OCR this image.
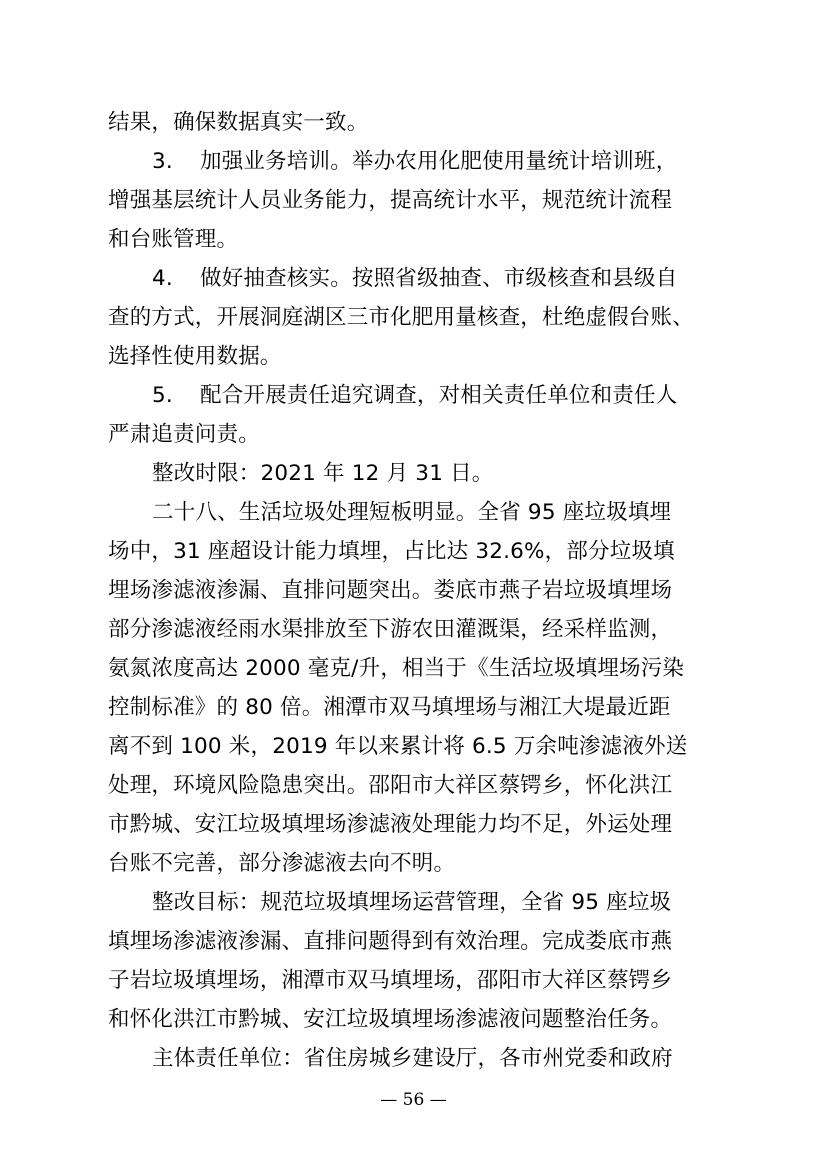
结果，确保数据真实一致。
3. 加强业务培训。举办农用化肥使用量统计培训班，
增强基层统计人员业务能力，提高统计水平，规范统计流程
和台账管理。
4. 做好抽查核实。按照省级抽查、市级核查和县级自
查的方式，开展洞庭湖区三市化肥用量核查，杜绝虚假台账、
选择性使用数据。
5. 配合开展责任追究调查，对相关责任单位和责任人
严肃追责问责。
整改时限：2021 年 12 月 31 日。
二十八、生活垃圾处理短板明显。全省 95 座垃圾填埋
场中，31 座超设计能力填埋，占比达 32.6%，部分垃圾填
埋场渗滤液渗漏、直排问题突出。娄底市燕子岩垃圾填埋场
部分渗滤液经雨水渠排放至下游农田灌溉渠，经采样监测，
氨氮浓度高达 2000 毫克/升，相当于《生活垃圾填埋场污染
控制标准》的 80 倍。湘潭市双马填埋场与湘江大堤最近距
离不到 100 米，2019 年以来累计将 6.5 万余吨渗滤液外送
处理，环境风险隐患突出。邵阳市大祥区蔡锷乡，怀化洪江
市黔城、安江垃圾填埋场渗滤液处理能力均不足，外运处理
台账不完善，部分渗滤液去向不明。
整改目标：规范垃圾填埋场运营管理，全省 95 座垃圾
填埋场渗滤液渗漏、直排问题得到有效治理。完成娄底市燕
子岩垃圾填埋场，湘潭市双马填埋场，邵阳市大祥区蔡锷乡
和怀化洪江市黔城、安江垃圾填埋场渗滤液问题整治任务。
主体责任单位：省住房城乡建设厅，各市州党委和政府
— 56 —
